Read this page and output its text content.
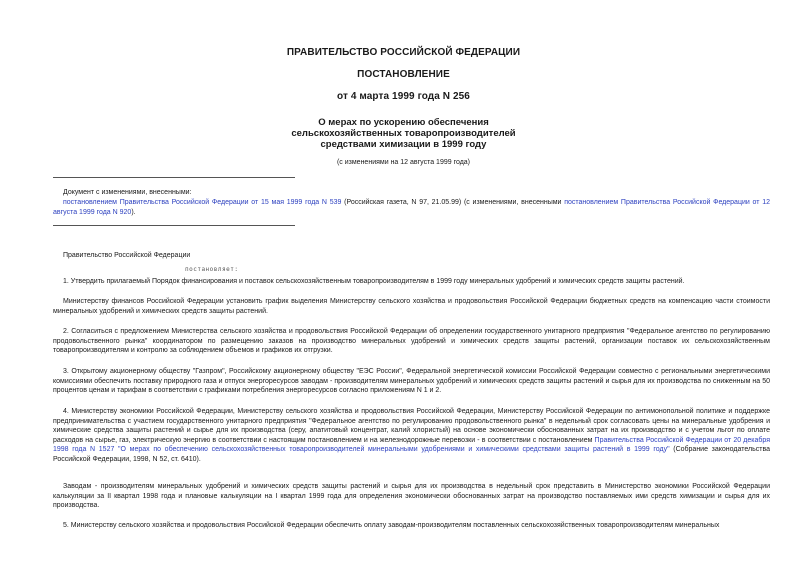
ПРАВИТЕЛЬСТВО РОССИЙСКОЙ ФЕДЕРАЦИИ
ПОСТАНОВЛЕНИЕ
от 4 марта 1999 года N 256
О мерах по ускорению обеспечения
сельскохозяйственных товаропроизводителей
средствами химизации в 1999 году
(с изменениями на 12 августа 1999 года)
Документ с изменениями, внесенными:

постановлением Правительства Российской Федерации от 15 мая 1999 года N 539 (Российская газета, N 97, 21.05.99) (с изменениями, внесенными постановлением Правительства Российской Федерации от 12 августа 1999 года N 920).

Правительство Российской Федерации
постановляет:

1. Утвердить прилагаемый Порядок финансирования и поставок сельскохозяйственным товаропроизводителям в 1999 году минеральных удобрений и химических средств защиты растений.

Министерству финансов Российской Федерации установить график выделения Министерству сельского хозяйства и продовольствия Российской Федерации бюджетных средств на компенсацию части стоимости минеральных удобрений и химических средств защиты растений.

2. Согласиться с предложением Министерства сельского хозяйства и продовольствия Российской Федерации об определении государственного унитарного предприятия "Федеральное агентство по регулированию продовольственного рынка" координатором по размещению заказов на производство минеральных удобрений и химических средств защиты растений, организации поставок их сельскохозяйственным товаропроизводителям и контролю за соблюдением объемов и графиков их отгрузки.

3. Открытому акционерному обществу "Газпром", Российскому акционерному обществу "ЕЭС России", Федеральной энергетической комиссии Российской Федерации совместно с региональными энергетическими комиссиями обеспечить поставку природного газа и отпуск энергоресурсов заводам - производителям минеральных удобрений и химических средств защиты растений и сырья для их производства по сниженным на 50 процентов ценам и тарифам в соответствии с графиками потребления энергоресурсов согласно приложениям N 1 и 2.

4. Министерству экономики Российской Федерации, Министерству сельского хозяйства и продовольствия Российской Федерации, Министерству Российской Федерации по антимонопольной политике и поддержке предпринимательства с участием государственного унитарного предприятия "Федеральное агентство по регулированию продовольственного рынка" в недельный срок согласовать цены на минеральные удобрения и химические средства защиты растений и сырье для их производства (серу, апатитовый концентрат, калий хлористый) на основе экономически обоснованных затрат на их производство и с учетом льгот по оплате расходов на сырье, газ, электрическую энергию в соответствии с настоящим постановлением и на железнодорожные перевозки - в соответствии с постановлением Правительства Российской Федерации от 20 декабря 1998 года N 1527 "О мерах по обеспечению сельскохозяйственных товаропроизводителей минеральными удобрениями и химическими средствами защиты растений в 1999 году" (Собрание законодательства Российской Федерации, 1998, N 52, ст. 6410).

Заводам - производителям минеральных удобрений и химических средств защиты растений и сырья для их производства в недельный срок представить в Министерство экономики Российской Федерации калькуляции за II квартал 1998 года и плановые калькуляции на I квартал 1999 года для определения экономически обоснованных затрат на производство поставляемых ими средств химизации и сырья для их производства.

5. Министерству сельского хозяйства и продовольствия Российской Федерации обеспечить оплату заводам-производителям поставленных сельскохозяйственных товаропроизводителям минеральных
